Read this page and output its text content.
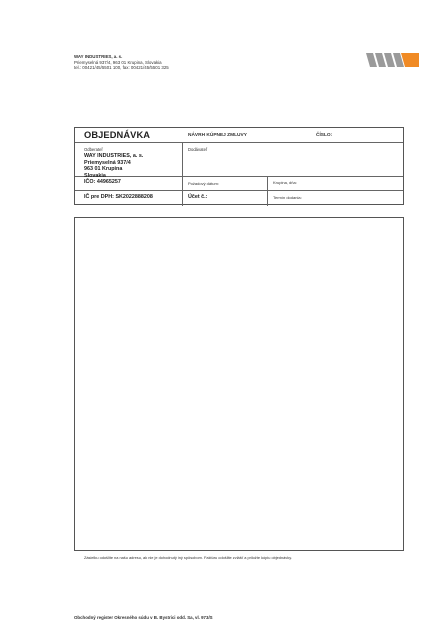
WAY INDUSTRIES, a. s.
Priemyselná 937/4, 963 01 Krupina, Slovakia
tel.: 00421/45/5501 100, fax: 00421/45/5501 325
OBJEDNÁVKA	NÁVRH KÚPNEJ ZMLUVY	ČÍSLO:
Odberateľ
WAY INDUSTRIES, a. s.
Priemyselná 937/4
963 01 Krupina
Slovakia
Dodávateľ
IČO: 44965257	Požadový dátum:	Krupina, dňa:
IČ pre DPH: SK2022888208	Účet č.:	Termín dodania:
Zásielku odošlite na našu adresu, ak nie je dohodnutý iný spôsobom. Faktúru odošlite zvlášť a priložte kópiu objednávky.
Obchodný register Okresného súdu v B. Bystrici odd. Sa, vl. 973/S
